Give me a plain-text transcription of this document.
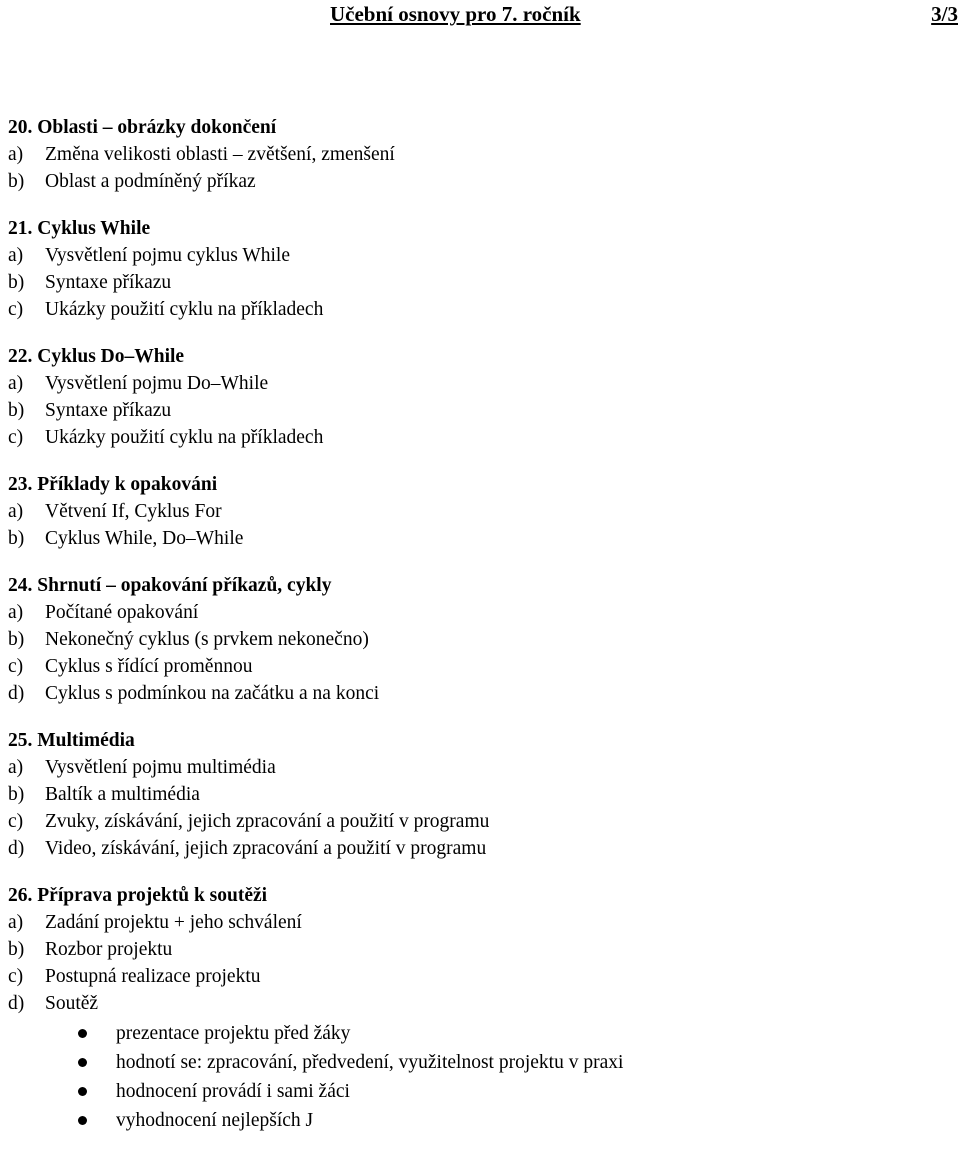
Učební osnovy pro 7. ročník	3/3
20. Oblasti – obrázky dokončení
a)	Změna velikosti oblasti – zvětšení, zmenšení
b)	Oblast a podmíněný příkaz
21. Cyklus While
a)	Vysvětlení pojmu cyklus While
b)	Syntaxe příkazu
c)	Ukázky použití cyklu na příkladech
22. Cyklus Do–While
a)	Vysvětlení pojmu Do–While
b)	Syntaxe příkazu
c)	Ukázky použití cyklu na příkladech
23. Příklady k opakováni
a)	Větvení If, Cyklus For
b)	Cyklus While, Do–While
24. Shrnutí – opakování příkazů, cykly
a)	Počítané opakování
b)	Nekonečný cyklus (s prvkem nekonečno)
c)	Cyklus s řídící proměnnou
d)	Cyklus s podmínkou na začátku a na konci
25. Multimédia
a)	Vysvětlení pojmu multimédia
b)	Baltík a multimédia
c)	Zvuky, získávání, jejich zpracování a použití v programu
d)	Video, získávání, jejich zpracování a použití v programu
26. Příprava projektů k soutěži
a)	Zadání projektu + jeho schválení
b)	Rozbor projektu
c)	Postupná realizace projektu
d)	Soutěž
prezentace projektu před žáky
hodnotí se: zpracování, předvedení, využitelnost projektu v praxi
hodnocení provádí i sami žáci
vyhodnocení nejlepších J
